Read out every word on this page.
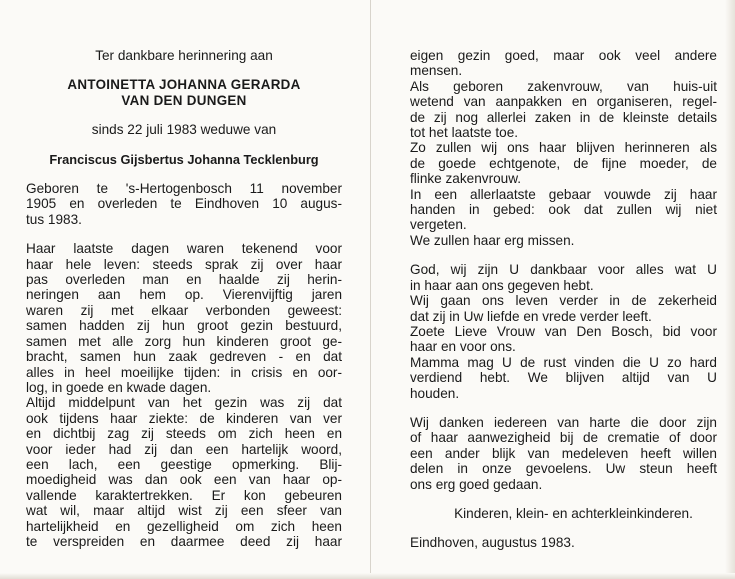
Ter dankbare herinnering aan
ANTOINETTA JOHANNA GERARDA
VAN DEN DUNGEN
sinds 22 juli 1983 weduwe van
Franciscus Gijsbertus Johanna Tecklenburg
Geboren te 's-Hertogenbosch 11 november
1905 en overleden te Eindhoven 10 augus-
tus 1983.
Haar laatste dagen waren tekenend voor
haar hele leven: steeds sprak zij over haar
pas overleden man en haalde zij herin-
neringen aan hem op. Vierenvijftig jaren
waren zij met elkaar verbonden geweest:
samen hadden zij hun groot gezin bestuurd,
samen met alle zorg hun kinderen groot ge-
bracht, samen hun zaak gedreven - en dat
alles in heel moeilijke tijden: in crisis en oor-
log, in goede en kwade dagen.
Altijd middelpunt van het gezin was zij dat
ook tijdens haar ziekte: de kinderen van ver
en dichtbij zag zij steeds om zich heen en
voor ieder had zij dan een hartelijk woord,
een lach, een geestige opmerking. Blij-
moedigheid was dan ook een van haar op-
vallende karaktertrekken. Er kon gebeuren
wat wil, maar altijd wist zij een sfeer van
hartelijkheid en gezelligheid om zich heen
te verspreiden en daarmee deed zij haar
eigen gezin goed, maar ook veel andere
mensen.
Als geboren zakenvrouw, van huis-uit
wetend van aanpakken en organiseren, regel-
de zij nog allerlei zaken in de kleinste details
tot het laatste toe.
Zo zullen wij ons haar blijven herinneren als
de goede echtgenote, de fijne moeder, de
flinke zakenvrouw.
In een allerlaatste gebaar vouwde zij haar
handen in gebed: ook dat zullen wij niet
vergeten.
We zullen haar erg missen.
God, wij zijn U dankbaar voor alles wat U
in haar aan ons gegeven hebt.
Wij gaan ons leven verder in de zekerheid
dat zij in Uw liefde en vrede verder leeft.
Zoete Lieve Vrouw van Den Bosch, bid voor
haar en voor ons.
Mamma mag U de rust vinden die U zo hard
verdiend hebt. We blijven altijd van U
houden.
Wij danken iedereen van harte die door zijn
of haar aanwezigheid bij de crematie of door
een ander blijk van medeleven heeft willen
delen in onze gevoelens. Uw steun heeft
ons erg goed gedaan.
Kinderen, klein- en achterkleinkinderen.
Eindhoven, augustus 1983.
